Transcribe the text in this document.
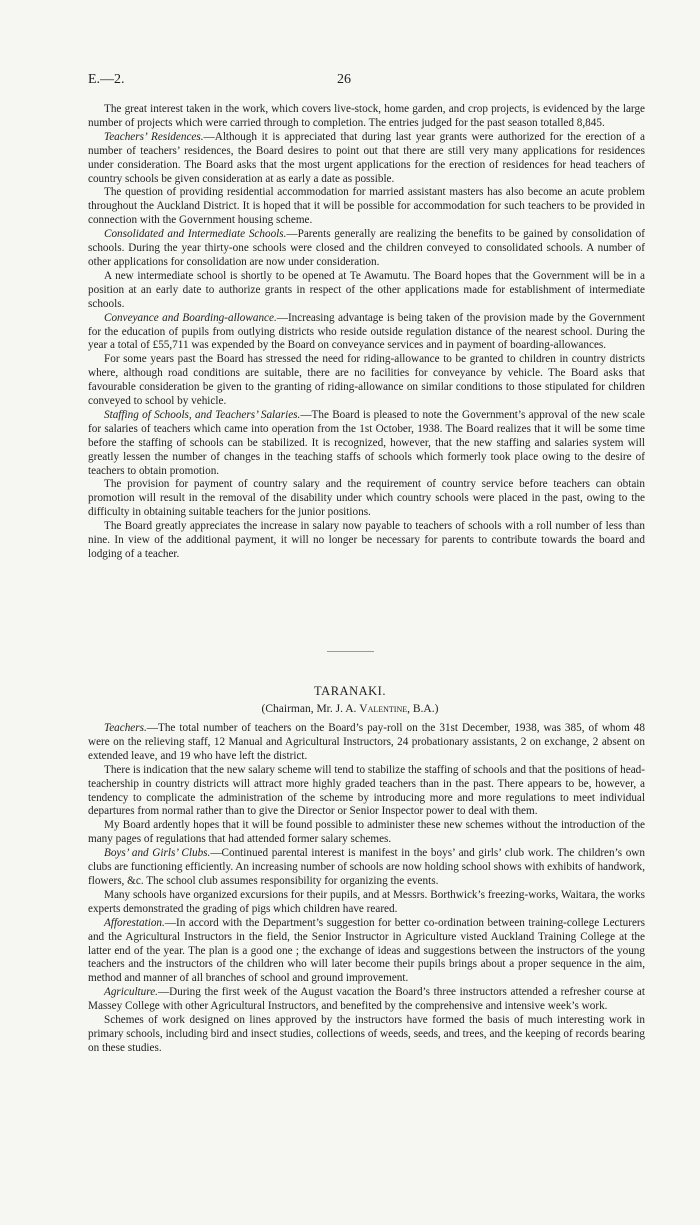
E.—2.	26

The great interest taken in the work, which covers live-stock, home garden, and crop projects, is evidenced by the large number of projects which were carried through to completion. The entries judged for the past season totalled 8,845.

Teachers’ Residences.—Although it is appreciated that during last year grants were authorized for the erection of a number of teachers’ residences, the Board desires to point out that there are still very many applications for residences under consideration. The Board asks that the most urgent applications for the erection of residences for head teachers of country schools be given consideration at as early a date as possible.

The question of providing residential accommodation for married assistant masters has also become an acute problem throughout the Auckland District. It is hoped that it will be possible for accommodation for such teachers to be provided in connection with the Government housing scheme.

Consolidated and Intermediate Schools.—Parents generally are realizing the benefits to be gained by consolidation of schools. During the year thirty-one schools were closed and the children conveyed to consolidated schools. A number of other applications for consolidation are now under consideration.

A new intermediate school is shortly to be opened at Te Awamutu. The Board hopes that the Government will be in a position at an early date to authorize grants in respect of the other applications made for establishment of intermediate schools.

Conveyance and Boarding-allowance.—Increasing advantage is being taken of the provision made by the Government for the education of pupils from outlying districts who reside outside regulation distance of the nearest school. During the year a total of £55,711 was expended by the Board on conveyance services and in payment of boarding-allowances.

For some years past the Board has stressed the need for riding-allowance to be granted to children in country districts where, although road conditions are suitable, there are no facilities for conveyance by vehicle. The Board asks that favourable consideration be given to the granting of riding-allowance on similar conditions to those stipulated for children conveyed to school by vehicle.

Staffing of Schools, and Teachers’ Salaries.—The Board is pleased to note the Government’s approval of the new scale for salaries of teachers which came into operation from the 1st October, 1938. The Board realizes that it will be some time before the staffing of schools can be stabilized. It is recognized, however, that the new staffing and salaries system will greatly lessen the number of changes in the teaching staffs of schools which formerly took place owing to the desire of teachers to obtain promotion.

The provision for payment of country salary and the requirement of country service before teachers can obtain promotion will result in the removal of the disability under which country schools were placed in the past, owing to the difficulty in obtaining suitable teachers for the junior positions.

The Board greatly appreciates the increase in salary now payable to teachers of schools with a roll number of less than nine. In view of the additional payment, it will no longer be necessary for parents to contribute towards the board and lodging of a teacher.

TARANAKI.
(Chairman, Mr. J. A. Valentine, B.A.)

Teachers.—The total number of teachers on the Board’s pay-roll on the 31st December, 1938, was 385, of whom 48 were on the relieving staff, 12 Manual and Agricultural Instructors, 24 probationary assistants, 2 on exchange, 2 absent on extended leave, and 19 who have left the district.

There is indication that the new salary scheme will tend to stabilize the staffing of schools and that the positions of head-teachership in country districts will attract more highly graded teachers than in the past. There appears to be, however, a tendency to complicate the administration of the scheme by introducing more and more regulations to meet individual departures from normal rather than to give the Director or Senior Inspector power to deal with them.

My Board ardently hopes that it will be found possible to administer these new schemes without the introduction of the many pages of regulations that had attended former salary schemes.

Boys’ and Girls’ Clubs.—Continued parental interest is manifest in the boys’ and girls’ club work. The children’s own clubs are functioning efficiently. An increasing number of schools are now holding school shows with exhibits of handwork, flowers, &c. The school club assumes responsibility for organizing the events.

Many schools have organized excursions for their pupils, and at Messrs. Borthwick’s freezing-works, Waitara, the works experts demonstrated the grading of pigs which children have reared.

Afforestation.—In accord with the Department’s suggestion for better co-ordination between training-college Lecturers and the Agricultural Instructors in the field, the Senior Instructor in Agriculture visted Auckland Training College at the latter end of the year. The plan is a good one ; the exchange of ideas and suggestions between the instructors of the young teachers and the instructors of the children who will later become their pupils brings about a proper sequence in the aim, method and manner of all branches of school and ground improvement.

Agriculture.—During the first week of the August vacation the Board’s three instructors attended a refresher course at Massey College with other Agricultural Instructors, and benefited by the comprehensive and intensive week’s work.

Schemes of work designed on lines approved by the instructors have formed the basis of much interesting work in primary schools, including bird and insect studies, collections of weeds, seeds, and trees, and the keeping of records bearing on these studies.
